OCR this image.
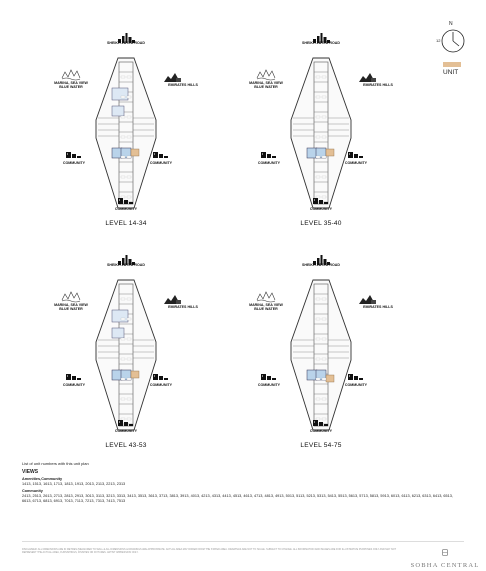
N
12
UNIT
SHEIKH ZAYED ROAD
MARINA, SEA VIEW
BLUE WATER
EMIRATES HILLS
COMMUNITY	COMMUNITY
COMMUNITY
LEVEL 14-34
SHEIKH ZAYED ROAD
MARINA, SEA VIEW
BLUE WATER
EMIRATES HILLS
COMMUNITY	COMMUNITY
COMMUNITY
LEVEL 35-40
SHEIKH ZAYED ROAD
MARINA, SEA VIEW
BLUE WATER
EMIRATES HILLS
COMMUNITY	COMMUNITY
COMMUNITY
LEVEL 43-53
SHEIKH ZAYED ROAD
MARINA, SEA VIEW
BLUE WATER
EMIRATES HILLS
COMMUNITY	COMMUNITY
COMMUNITY
LEVEL 54-75
List of unit numbers with this unit plan
VIEWS
Amenities,Community
1413, 1513, 1613, 1713, 1813, 1913, 2013, 2113, 2213, 2313
Community
2413, 2513, 2613, 2713, 2813, 2913, 3013, 3113, 3213, 3313, 3413, 3513, 3613, 3713, 3813, 3913, 4013, 4213, 4313, 4413, 4513, 4613, 4713, 4813, 4913, 5013, 5113, 5213, 5313, 5413, 5513, 5613, 5713, 5813, 5913, 6013, 6113, 6213, 6313, 6413, 6513, 6613, 6713, 6813, 6913, 7013, 7113, 7213, 7313, 7413, 7513
DISCLAIMER: ALL DIMENSIONS ARE IN METRES (MEASURED TO WALL & ALL DIMENSIONS & DRAWINGS ARE APPROXIMATE. ACTUAL AREA MAY DIFFER FROM THE STATED AREA. DRAWINGS ARE NOT TO SCALE. SUBJECT TO CHANGE. ALL INFORMATION AND IMAGES ARE FOR ILLUSTRATIVE PURPOSES ONLY AND MAY NOT REPRESENT THE ACTUAL AREA, FURNISHINGS, FINISHES OR FIXTURES. ARTIST IMPRESSION ONLY.
SOBHA CENTRAL
